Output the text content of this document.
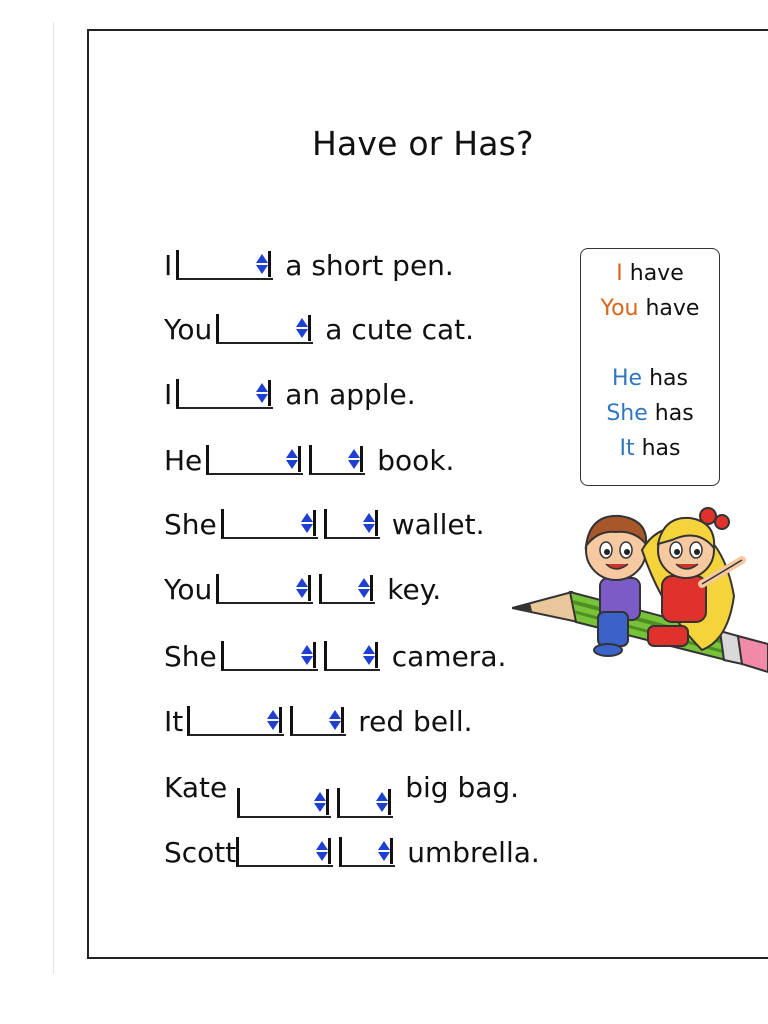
Have or Has?
I	a short pen.
You	a cute cat.
I	an apple.
He	book.
She	wallet.
You	key.
She	camera.
It	red bell.
Kate	big bag.
Scott	umbrella.
I have
You have
He has
She has
It has
